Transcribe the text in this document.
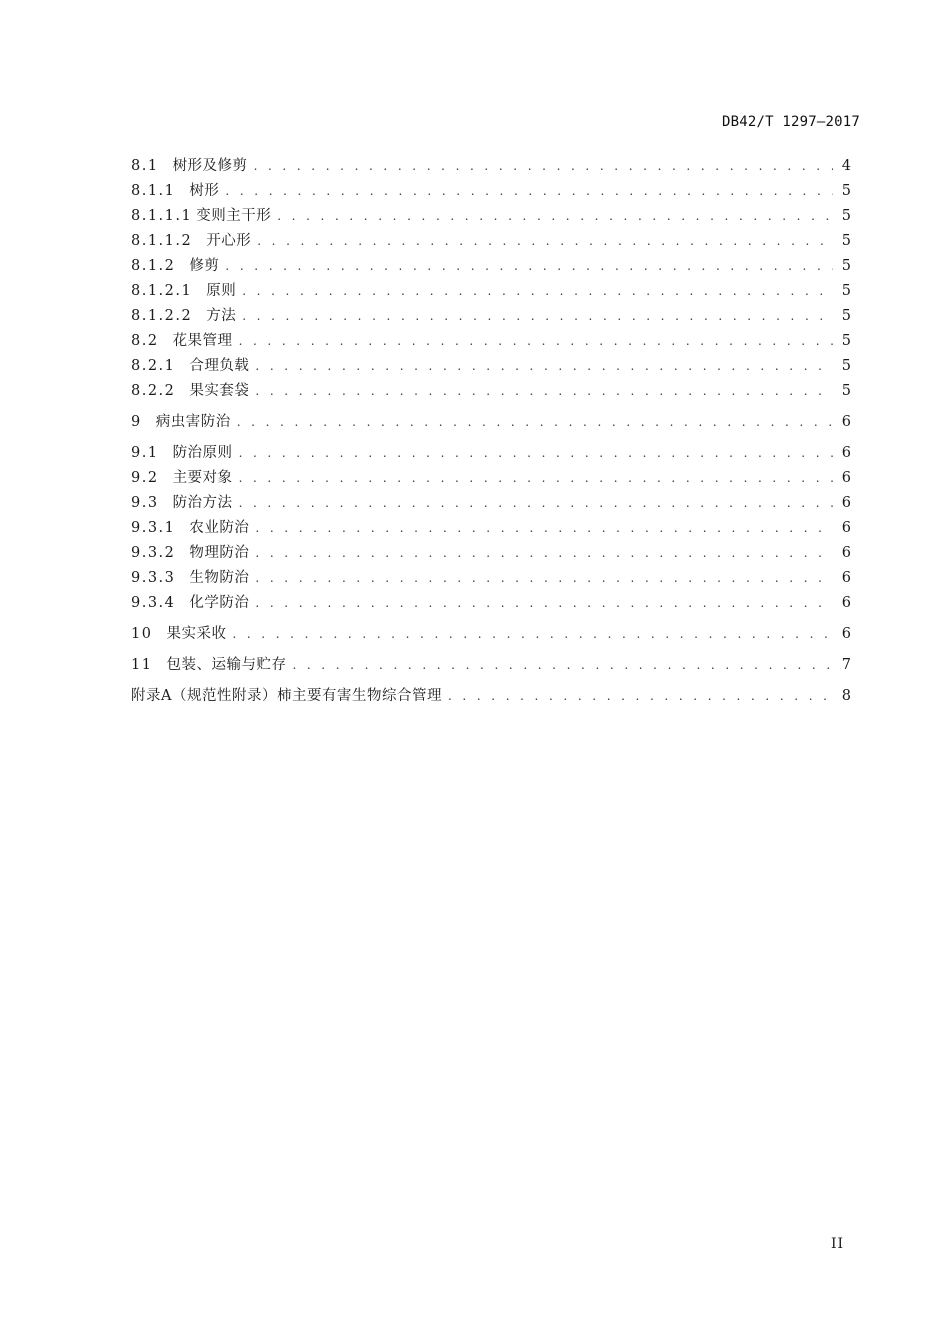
DB42/T 1297—2017
8.1 树形及修剪 . . .	4
8.1.1 树形 . . .	5
8.1.1.1 变则主干形 . . .	5
8.1.1.2 开心形 . . .	5
8.1.2 修剪 . . .	5
8.1.2.1 原则 . . .	5
8.1.2.2 方法 . . .	5
8.2 花果管理 . . .	5
8.2.1 合理负载 . . .	5
8.2.2 果实套袋 . . .	5
9 病虫害防治 . . .	6
9.1 防治原则 . . .	6
9.2 主要对象 . . .	6
9.3 防治方法 . . .	6
9.3.1 农业防治 . . .	6
9.3.2 物理防治 . . .	6
9.3.3 生物防治 . . .	6
9.3.4 化学防治 . . .	6
10 果实采收 . . .	6
11 包装、运输与贮存 . . .	7
附录A（规范性附录）柿主要有害生物综合管理 . . .	8
II
